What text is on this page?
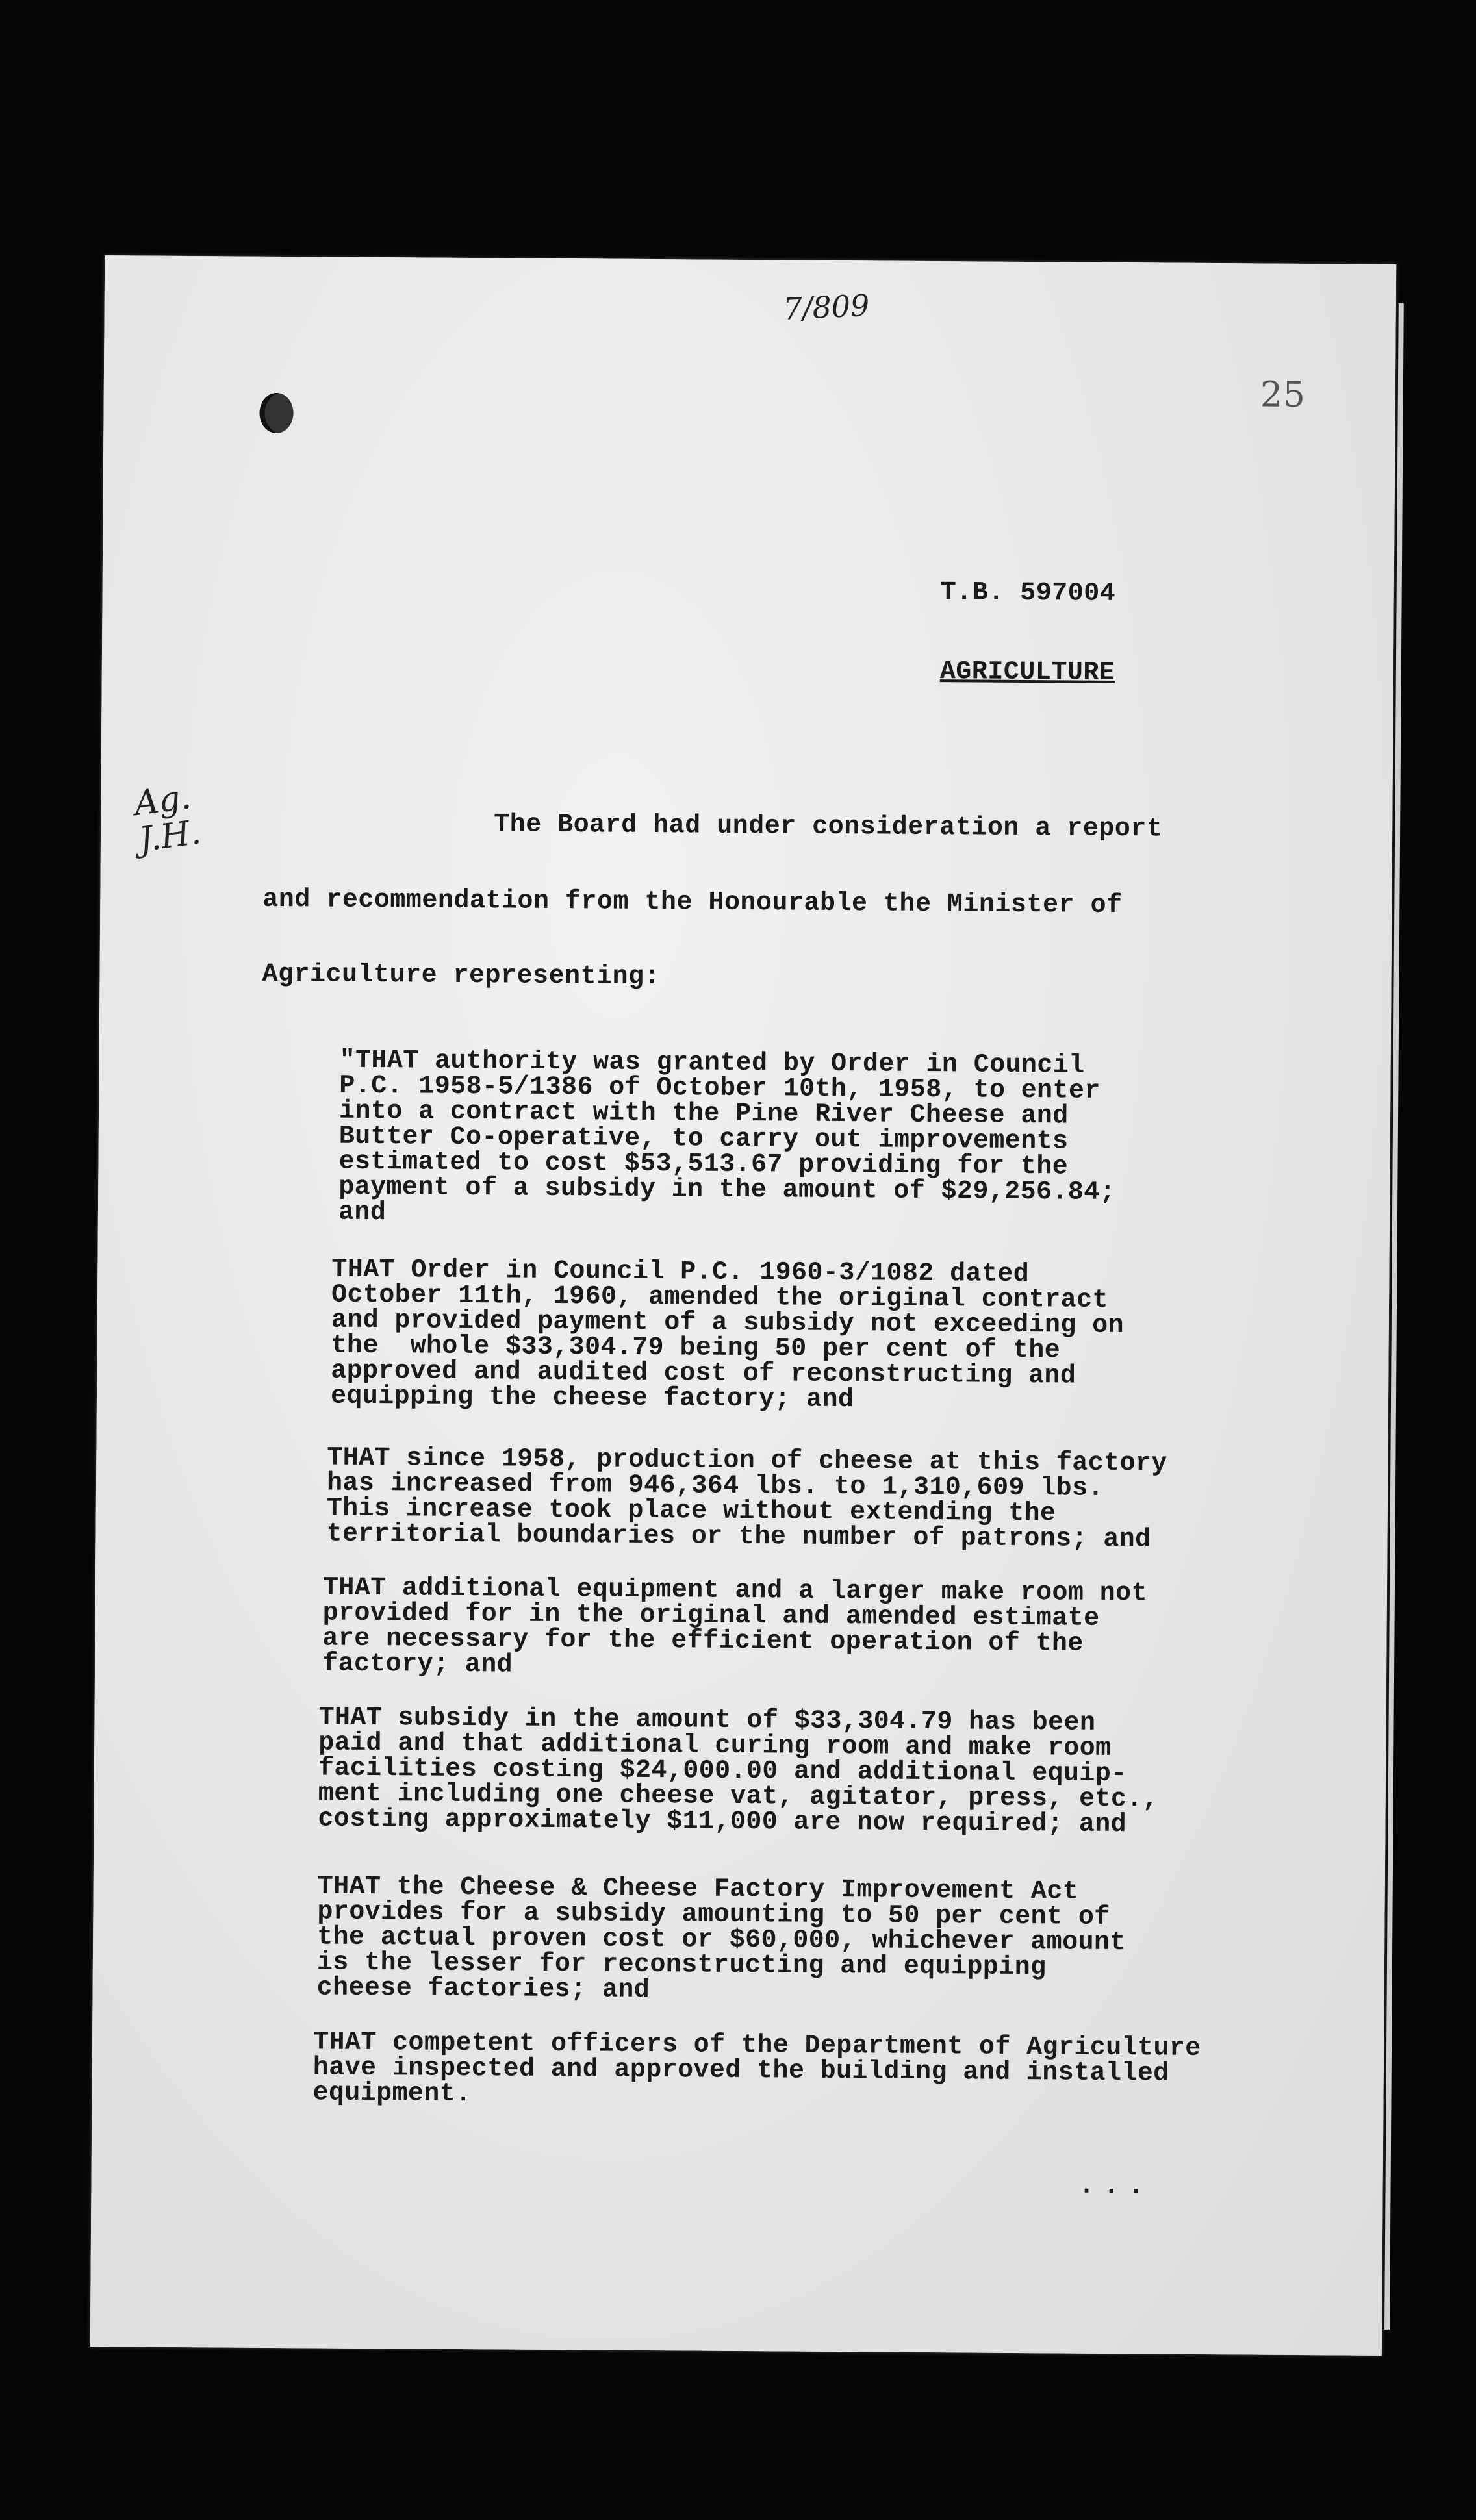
7/809
25
T.B. 597004
AGRICULTURE
Ag.
J.H.	The Board had under consideration a report
and recommendation from the Honourable the Minister of
Agriculture representing:
"THAT authority was granted by Order in Council
P.C. 1958-5/1386 of October 10th, 1958, to enter
into a contract with the Pine River Cheese and
Butter Co-operative, to carry out improvements
estimated to cost $53,513.67 providing for the
payment of a subsidy in the amount of $29,256.84;
and
THAT Order in Council P.C. 1960-3/1082 dated
October 11th, 1960, amended the original contract
and provided payment of a subsidy not exceeding on
the  whole $33,304.79 being 50 per cent of the
approved and audited cost of reconstructing and
equipping the cheese factory; and
THAT since 1958, production of cheese at this factory
has increased from 946,364 lbs. to 1,310,609 lbs.
This increase took place without extending the
territorial boundaries or the number of patrons; and
THAT additional equipment and a larger make room not
provided for in the original and amended estimate
are necessary for the efficient operation of the
factory; and
THAT subsidy in the amount of $33,304.79 has been
paid and that additional curing room and make room
facilities costing $24,000.00 and additional equip-
ment including one cheese vat, agitator, press, etc.,
costing approximately $11,000 are now required; and
THAT the Cheese & Cheese Factory Improvement Act
provides for a subsidy amounting to 50 per cent of
the actual proven cost or $60,000, whichever amount
is the lesser for reconstructing and equipping
cheese factories; and
THAT competent officers of the Department of Agriculture
have inspected and approved the building and installed
equipment.
...
